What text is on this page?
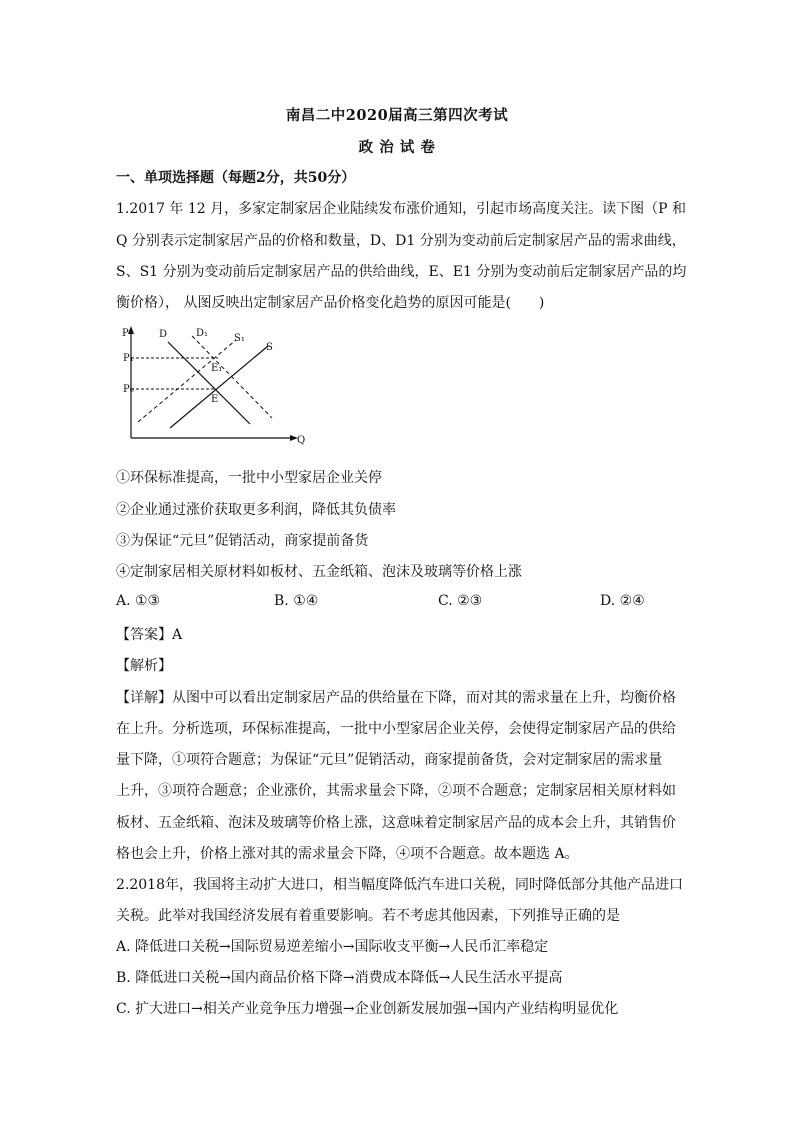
南昌二中2020届高三第四次考试
政 治 试 卷
一、单项选择题（每题2分，共50分）
1.2017 年 12 月，多家定制家居企业陆续发布涨价通知，引起市场高度关注。读下图（P 和
Q 分别表示定制家居产品的价格和数量，D、D1 分别为变动前后定制家居产品的需求曲线，
S、S1 分别为变动前后定制家居产品的供给曲线，E、E1 分别为变动前后定制家居产品的均
衡价格）， 从图反映出定制家居产品价格变化趋势的原因可能是(　　)
P
Q
P₁
P₀
D	D₁	S₁
S
E
E₁
①环保标准提高，一批中小型家居企业关停
②企业通过涨价获取更多利润，降低其负债率
③为保证“元旦”促销活动，商家提前备货
④定制家居相关原材料如板材、五金纸箱、泡沫及玻璃等价格上涨
A. ①③	B. ①④	C. ②③	D. ②④
【答案】A
【解析】
【详解】从图中可以看出定制家居产品的供给量在下降，而对其的需求量在上升，均衡价格
在上升。分析选项，环保标准提高，一批中小型家居企业关停，会使得定制家居产品的供给
量下降，①项符合题意；为保证“元旦”促销活动，商家提前备货，会对定制家居的需求量
上升，③项符合题意；企业涨价，其需求量会下降，②项不合题意；定制家居相关原材料如
板材、五金纸箱、泡沫及玻璃等价格上涨，这意味着定制家居产品的成本会上升，其销售价
格也会上升，价格上涨对其的需求量会下降，④项不合题意。故本题选 A。
2.2018年，我国将主动扩大进口，相当幅度降低汽车进口关税，同时降低部分其他产品进口
关税。此举对我国经济发展有着重要影响。若不考虑其他因素，下列推导正确的是
A. 降低进口关税→国际贸易逆差缩小→国际收支平衡→人民币汇率稳定
B. 降低进口关税→国内商品价格下降→消费成本降低→人民生活水平提高
C. 扩大进口→相关产业竞争压力增强→企业创新发展加强→国内产业结构明显优化
